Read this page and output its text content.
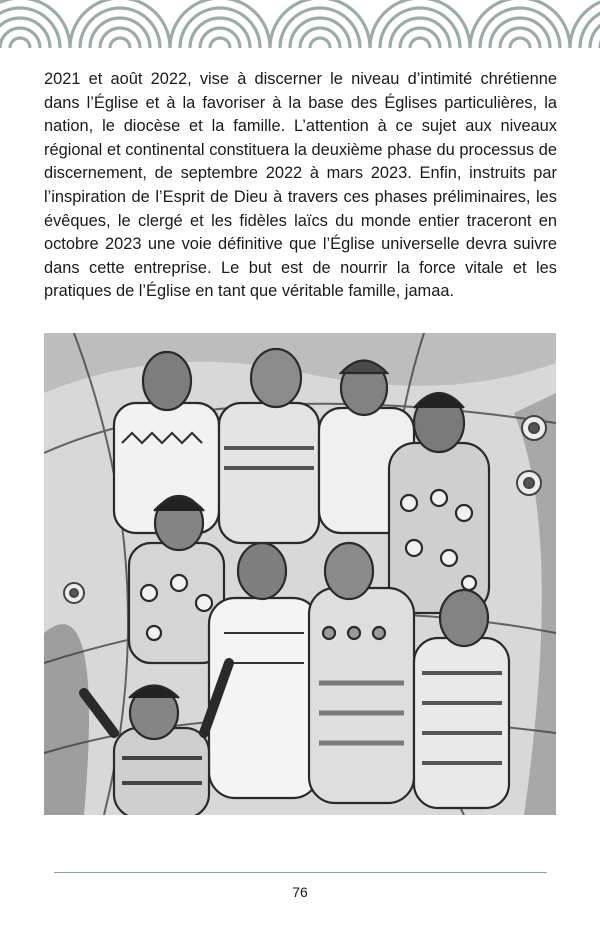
2021 et août 2022, vise à discerner le niveau d’intimité chrétienne dans l’Église et à la favoriser à la base des Églises particulières, la nation, le diocèse et la famille. L’attention à ce sujet aux niveaux régional et continental constituera la deuxième phase du processus de discernement, de septembre 2022 à mars 2023. Enfin, instruits par l’inspiration de l’Esprit de Dieu à travers ces phases préliminaires, les évêques, le clergé et les fidèles laïcs du monde entier traceront en octobre 2023 une voie définitive que l’Église universelle devra suivre dans cette entreprise. Le but est de nourrir la force vitale et les pratiques de l’Église en tant que véritable famille, jamaa.

76
